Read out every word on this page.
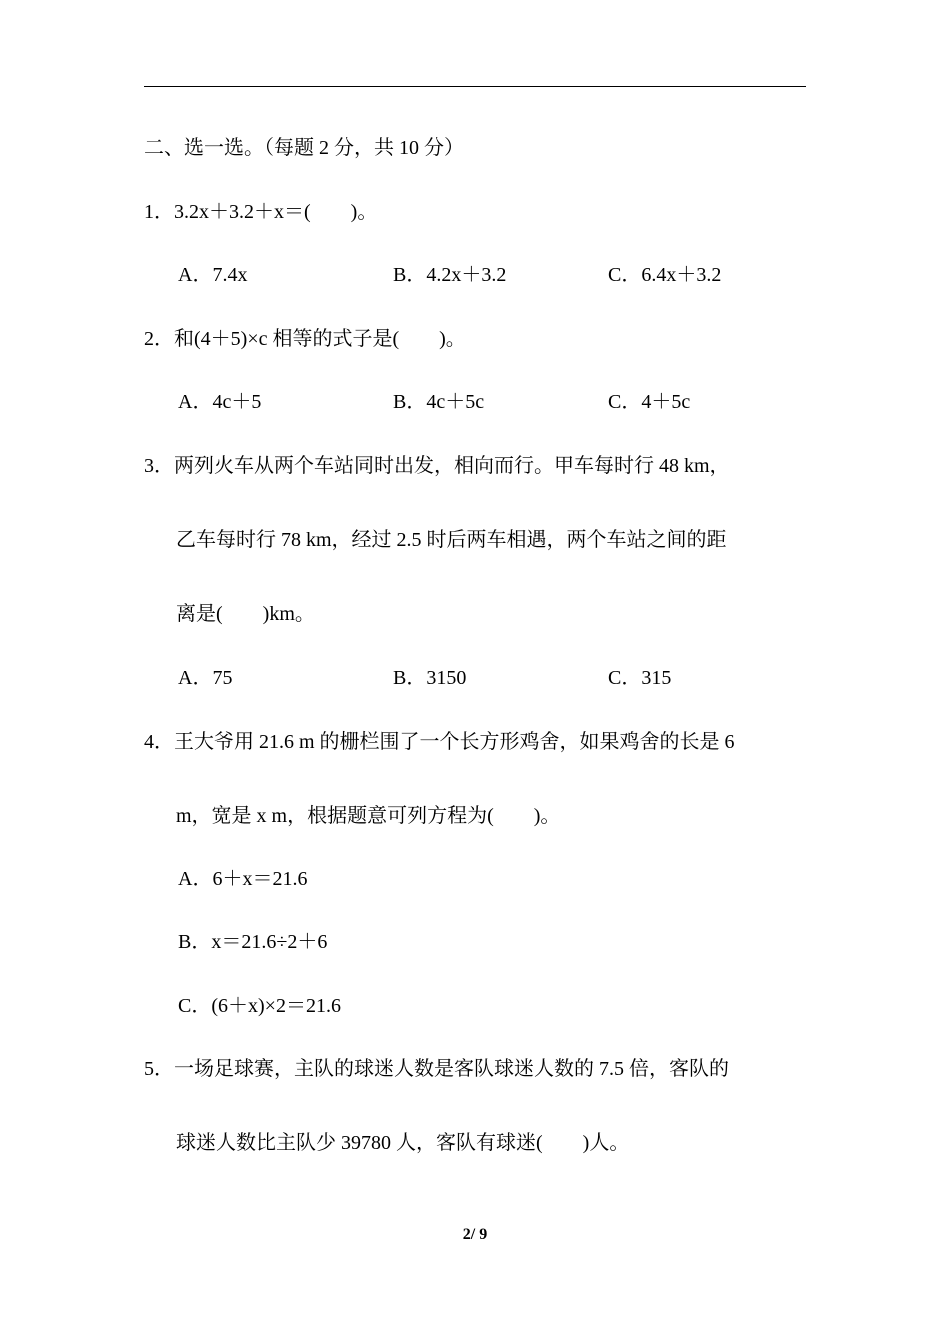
二、选一选。（每题 2 分，共 10 分）
1．3.2x＋3.2＋x＝(　　)。
A．7.4x	B．4.2x＋3.2	C．6.4x＋3.2
2．和(4＋5)×c 相等的式子是(　　)。
A．4c＋5	B．4c＋5c	C．4＋5c
3．两列火车从两个车站同时出发，相向而行。甲车每时行 48 km，
乙车每时行 78 km，经过 2.5 时后两车相遇，两个车站之间的距
离是(　　)km。
A．75	B．3150	C．315
4．王大爷用 21.6 m 的栅栏围了一个长方形鸡舍，如果鸡舍的长是 6
m，宽是 x m，根据题意可列方程为(　　)。
A．6＋x＝21.6
B．x＝21.6÷2＋6
C．(6＋x)×2＝21.6
5．一场足球赛，主队的球迷人数是客队球迷人数的 7.5 倍，客队的
球迷人数比主队少 39780 人，客队有球迷(　　)人。
2/ 9
